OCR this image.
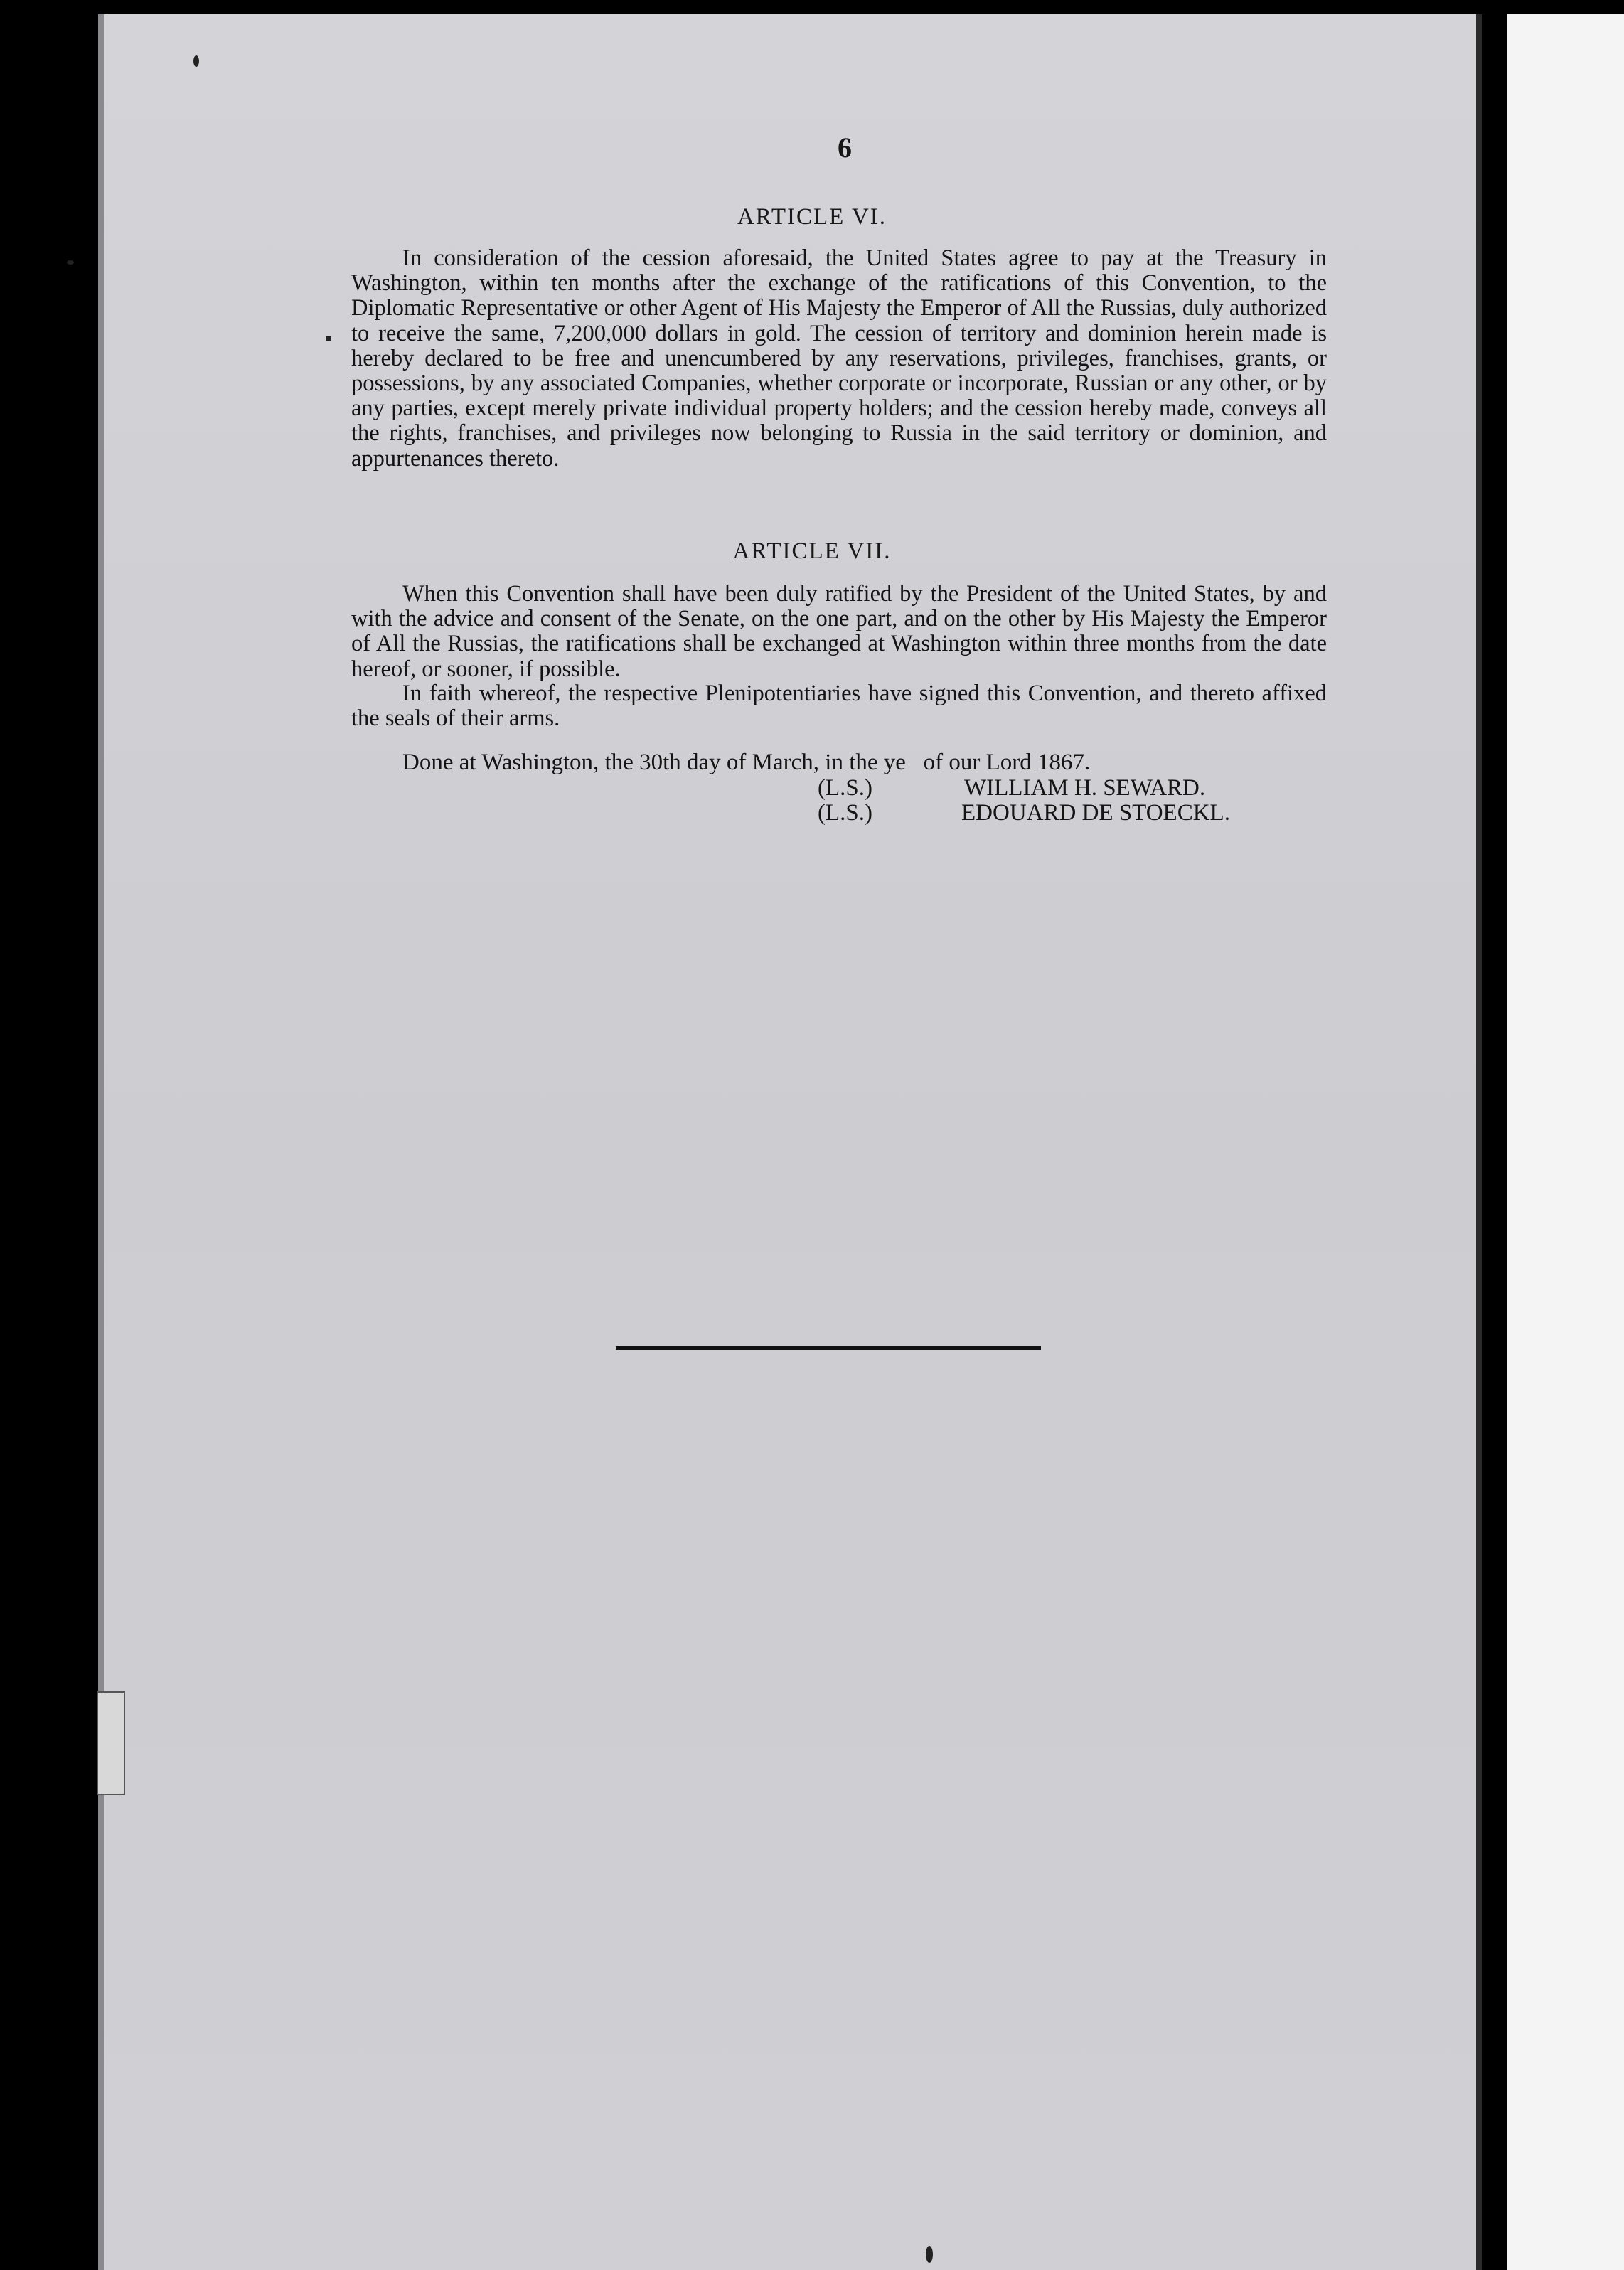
6
ARTICLE VI.
In consideration of the cession aforesaid, the United States agree to pay at the Treasury in Washington, within ten months after the exchange of the ratifications of this Convention, to the Diplomatic Representative or other Agent of His Majesty the Emperor of All the Russias, duly authorized to receive the same, 7,200,000 dollars in gold. The cession of territory and dominion herein made is hereby declared to be free and unencumbered by any reservations, privileges, franchises, grants, or possessions, by any associated Companies, whether corporate or incorporate, Russian or any other, or by any parties, except merely private individual property holders; and the cession hereby made, conveys all the rights, franchises, and privileges now belonging to Russia in the said territory or dominion, and appurtenances thereto.
ARTICLE VII.
When this Convention shall have been duly ratified by the President of the United States, by and with the advice and consent of the Senate, on the one part, and on the other by His Majesty the Emperor of All the Russias, the ratifications shall be exchanged at Washington within three months from the date hereof, or sooner, if possible.
In faith whereof, the respective Plenipotentiaries have signed this Convention, and thereto affixed the seals of their arms.
Done at Washington, the 30th day of March, in the ye   of our Lord 1867.
(L.S.)	WILLIAM H. SEWARD.
(L.S.)	EDOUARD DE STOECKL.
